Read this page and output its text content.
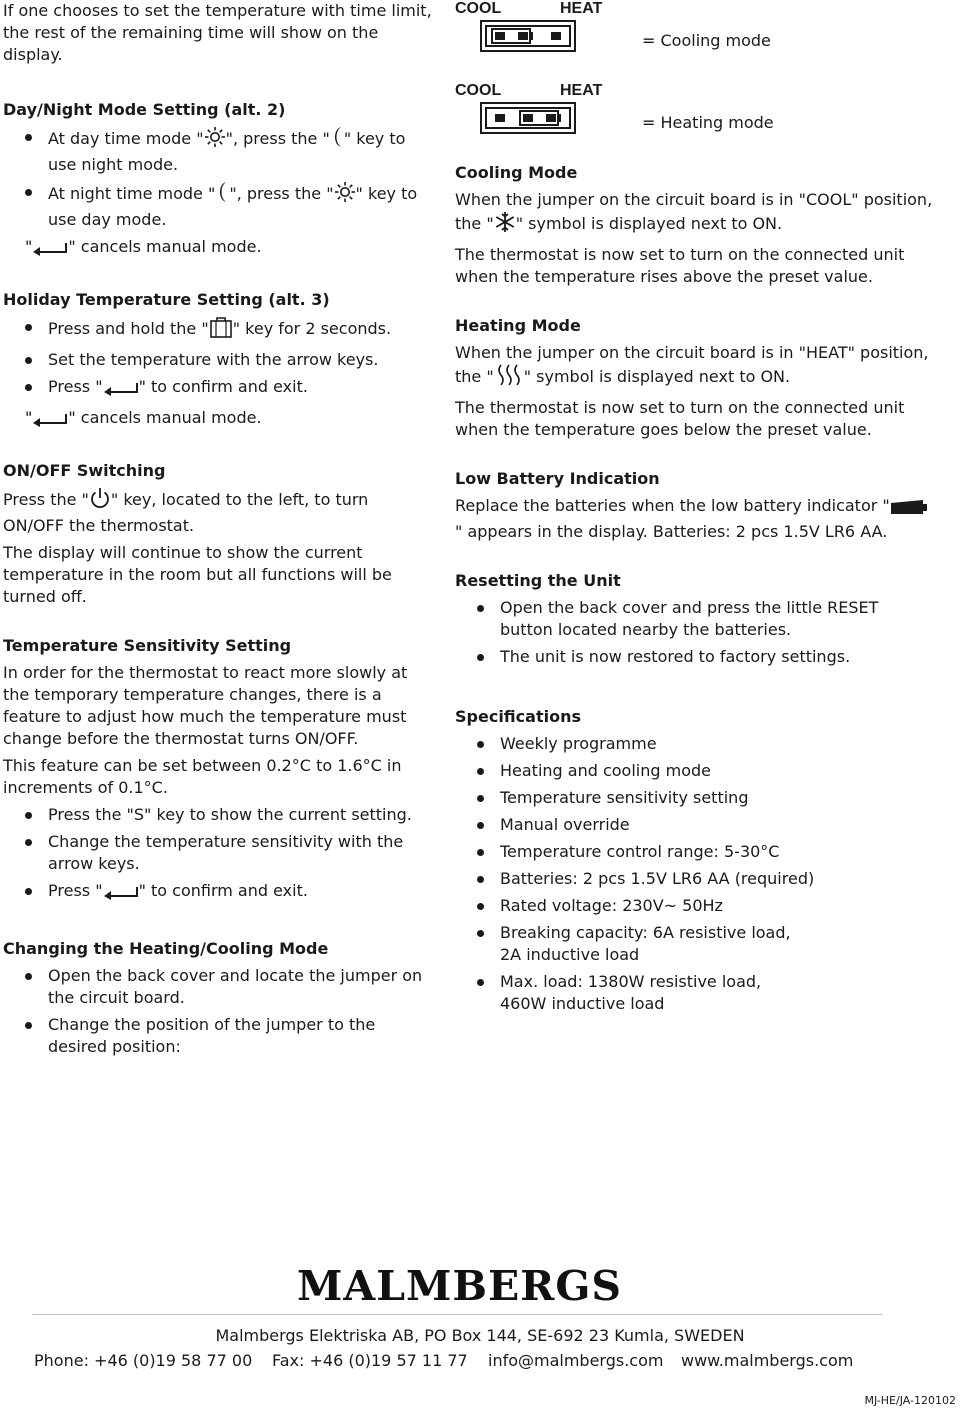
If one chooses to set the temperature with time limit, the rest of the remaining time will show on the display.

Day/Night Mode Setting (alt. 2)

At day time mode " ", press the " " key to use night mode.
At night time mode " ", press the " " key to use day mode.

" " cancels manual mode.

Holiday Temperature Setting (alt. 3)

Press and hold the " " key for 2 seconds.
Set the temperature with the arrow keys.
Press " " to confirm and exit.

" " cancels manual mode.

ON/OFF Switching

Press the " " key, located to the left, to turn ON/OFF the thermostat.

The display will continue to show the current temperature in the room but all functions will be turned off.

Temperature Sensitivity Setting

In order for the thermostat to react more slowly at the temporary temperature changes, there is a feature to adjust how much the temperature must change before the thermostat turns ON/OFF.

This feature can be set between 0.2°C to 1.6°C in increments of 0.1°C.

Press the "S" key to show the current setting.
Change the temperature sensitivity with the arrow keys.
Press " " to confirm and exit.

Changing the Heating/Cooling Mode

Open the back cover and locate the jumper on the circuit board.
Change the position of the jumper to the desired position:
COOL	HEAT
= Cooling mode
COOL	HEAT
= Heating mode

Cooling Mode

When the jumper on the circuit board is in "COOL" position, the " " symbol is displayed next to ON.

The thermostat is now set to turn on the connected unit when the temperature rises above the preset value.

Heating Mode

When the jumper on the circuit board is in "HEAT" position, the " " symbol is displayed next to ON.

The thermostat is now set to turn on the connected unit when the temperature goes below the preset value.

Low Battery Indication

Replace the batteries when the low battery indicator "" appears in the display. Batteries: 2 pcs 1.5V LR6 AA.

Resetting the Unit

Open the back cover and press the little RESET button located nearby the batteries.
The unit is now restored to factory settings.

Specifications

Weekly programme
Heating and cooling mode
Temperature sensitivity setting
Manual override
Temperature control range: 5-30°C
Batteries: 2 pcs 1.5V LR6 AA (required)
Rated voltage: 230V~ 50Hz
Breaking capacity: 6A resistive load, 2A inductive load
Max. load: 1380W resistive load, 460W inductive load
MALMBERGS
Malmbergs Elektriska AB, PO Box 144, SE-692 23 Kumla, SWEDEN
Phone: +46 (0)19 58 77 00 Fax: +46 (0)19 57 11 77 info@malmbergs.com www.malmbergs.com
MJ-HE/JA-120102
